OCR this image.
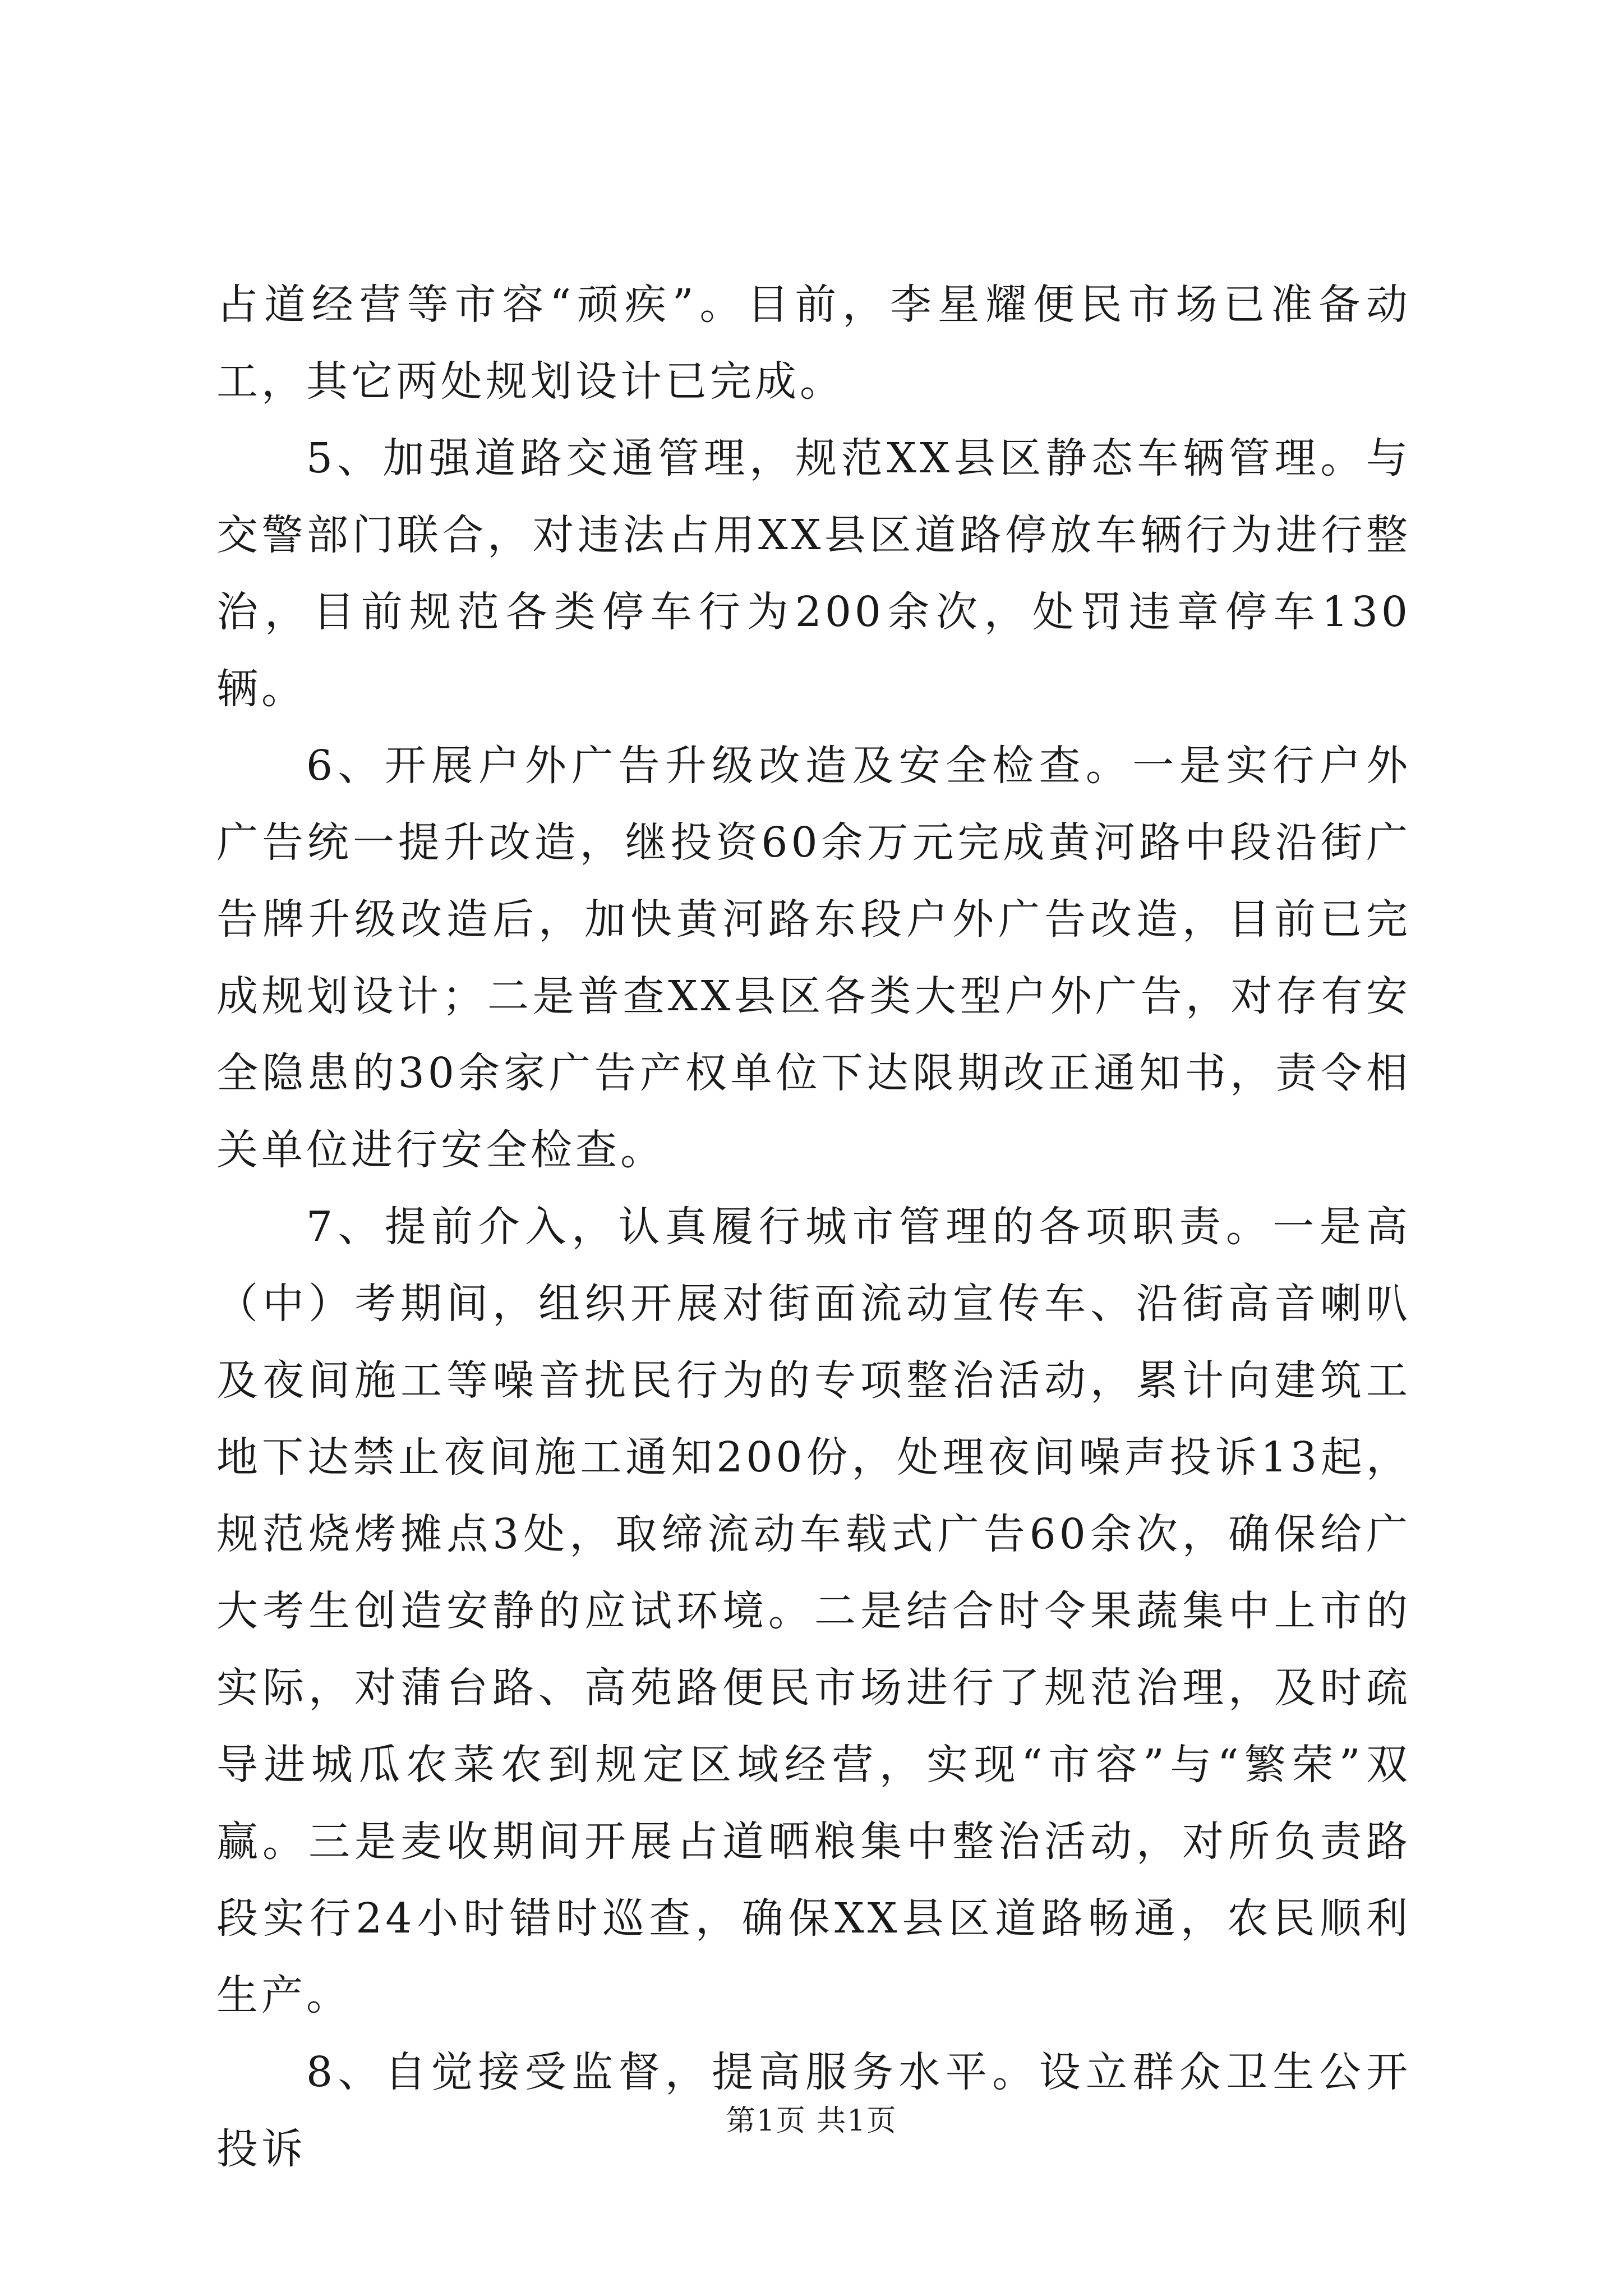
占道经营等市容“顽疾”。目前，李星耀便民市场已准备动工，其它两处规划设计已完成。

5、加强道路交通管理，规范XX县区静态车辆管理。与交警部门联合，对违法占用XX县区道路停放车辆行为进行整治，目前规范各类停车行为200余次，处罚违章停车130辆。

6、开展户外广告升级改造及安全检查。一是实行户外广告统一提升改造，继投资60余万元完成黄河路中段沿街广告牌升级改造后，加快黄河路东段户外广告改造，目前已完成规划设计；二是普查XX县区各类大型户外广告，对存有安全隐患的30余家广告产权单位下达限期改正通知书，责令相关单位进行安全检查。

7、提前介入，认真履行城市管理的各项职责。一是高（中）考期间，组织开展对街面流动宣传车、沿街高音喇叭及夜间施工等噪音扰民行为的专项整治活动，累计向建筑工地下达禁止夜间施工通知200份，处理夜间噪声投诉13起，规范烧烤摊点3处，取缔流动车载式广告60余次，确保给广大考生创造安静的应试环境。二是结合时令果蔬集中上市的实际，对蒲台路、高苑路便民市场进行了规范治理，及时疏导进城瓜农菜农到规定区域经营，实现“市容”与“繁荣”双赢。三是麦收期间开展占道晒粮集中整治活动，对所负责路段实行24小时错时巡查，确保XX县区道路畅通，农民顺利生产。

8、自觉接受监督，提高服务水平。设立群众卫生公开投诉

第1页 共1页
